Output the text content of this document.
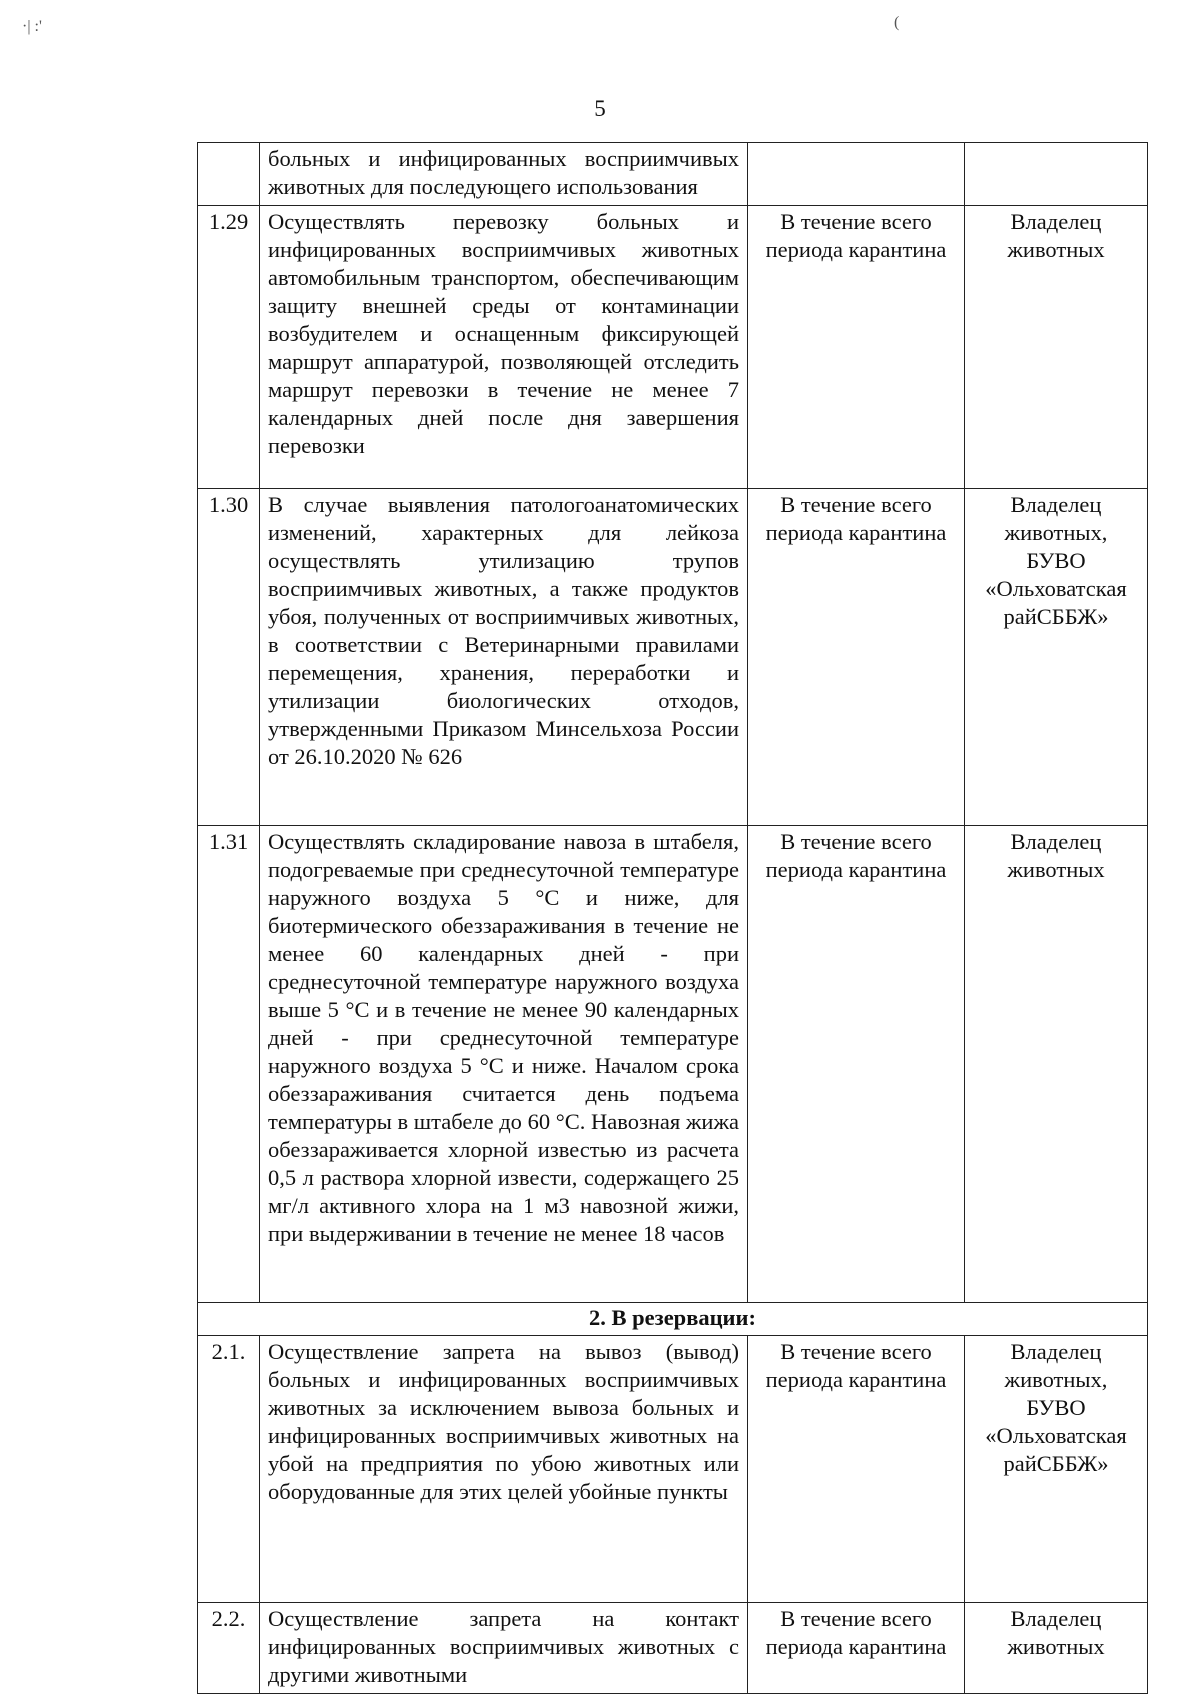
·| :'	(
5
	больных и инфицированных восприимчивых животных для последующего использования		
1.29	Осуществлять перевозку больных и инфицированных восприимчивых животных автомобильным транспортом, обеспечивающим защиту внешней среды от контаминации возбудителем и оснащенным фиксирующей маршрут аппаратурой, позволяющей отследить маршрут перевозки в течение не менее 7 календарных дней после дня завершения перевозки	В течение всего периода карантина	Владелец животных
1.30	В случае выявления патологоанатомических изменений, характерных для лейкоза осуществлять утилизацию трупов восприимчивых животных, а также продуктов убоя, полученных от восприимчивых животных, в соответствии с Ветеринарными правилами перемещения, хранения, переработки и утилизации биологических отходов, утвержденными Приказом Минсельхоза России от 26.10.2020 № 626	В течение всего периода карантина	Владелец животных, БУВО «Ольховатская райСББЖ»
1.31	Осуществлять складирование навоза в штабеля, подогреваемые при среднесуточной температуре наружного воздуха 5 °С и ниже, для биотермического обеззараживания в течение не менее 60 календарных дней - при среднесуточной температуре наружного воздуха выше 5 °С и в течение не менее 90 календарных дней - при среднесуточной температуре наружного воздуха 5 °С и ниже. Началом срока обеззараживания считается день подъема температуры в штабеле до 60 °С. Навозная жижа обеззараживается хлорной известью из расчета 0,5 л раствора хлорной извести, содержащего 25 мг/л активного хлора на 1 м3 навозной жижи, при выдерживании в течение не менее 18 часов	В течение всего периода карантина	Владелец животных
2. В резервации:			
2.1.	Осуществление запрета на вывоз (вывод) больных и инфицированных восприимчивых животных за исключением вывоза больных и инфицированных восприимчивых животных на убой на предприятия по убою животных или оборудованные для этих целей убойные пункты	В течение всего периода карантина	Владелец животных, БУВО «Ольховатская райСББЖ»
2.2.	Осуществление запрета на контакт инфицированных восприимчивых животных с другими животными	В течение всего периода карантина	Владелец животных
